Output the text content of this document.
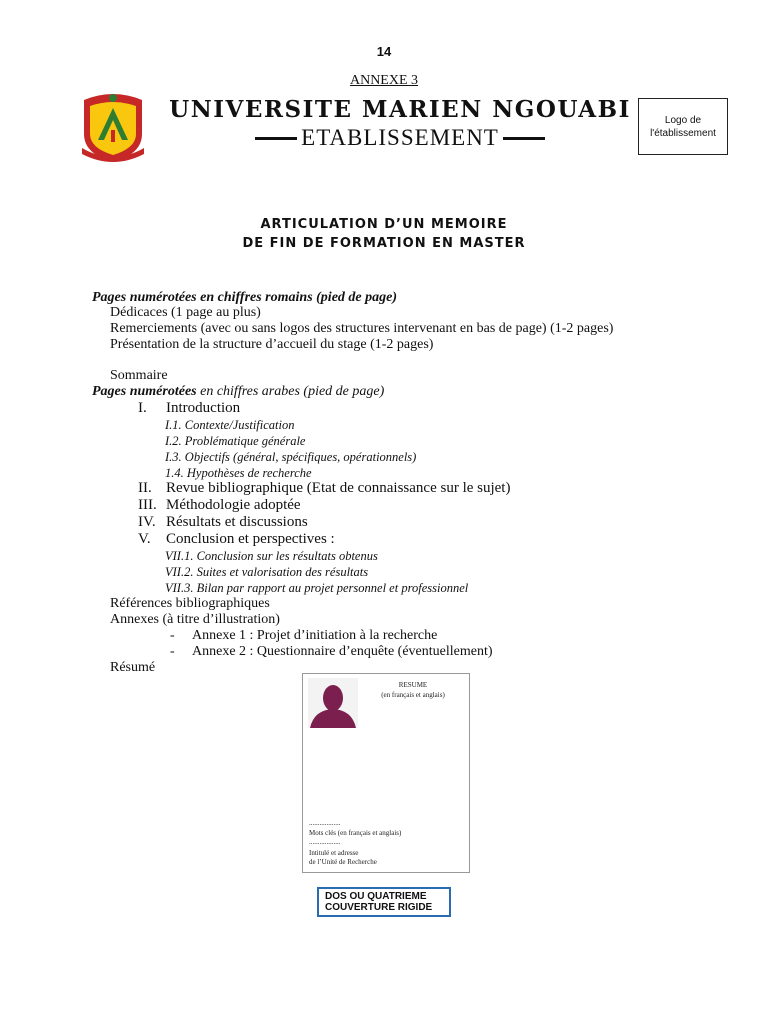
14
ANNEXE 3
UNIVERSITE MARIEN NGOUABI
ETABLISSEMENT
Logo de
l'établissement
ARTICULATION D’UN MEMOIRE
DE FIN DE FORMATION EN MASTER
Pages numérotées en chiffres romains (pied de page)
Dédicaces (1 page au plus)
Remerciements (avec ou sans logos des structures intervenant en bas de page) (1-2 pages)
Présentation de la structure d’accueil du stage (1-2 pages)
Sommaire
Pages numérotées en chiffres arabes (pied de page)
I. Introduction
I.1. Contexte/Justification
I.2. Problématique générale
I.3. Objectifs (général, spécifiques, opérationnels)
1.4. Hypothèses de recherche
II. Revue bibliographique (Etat de connaissance sur le sujet)
III. Méthodologie adoptée
IV. Résultats et discussions
V. Conclusion et perspectives :
VII.1. Conclusion sur les résultats obtenus
VII.2. Suites et valorisation des résultats
VII.3. Bilan par rapport au projet personnel et professionnel
Références bibliographiques
Annexes (à titre d’illustration)
- Annexe 1 : Projet d’initiation à la recherche
- Annexe 2 : Questionnaire d’enquête (éventuellement)
Résumé
RESUME
(en français et anglais)
..................
Mots clés (en français et anglais)
..................
Intitulé et adresse
de l’Unité de Recherche
DOS OU QUATRIEME
COUVERTURE RIGIDE
